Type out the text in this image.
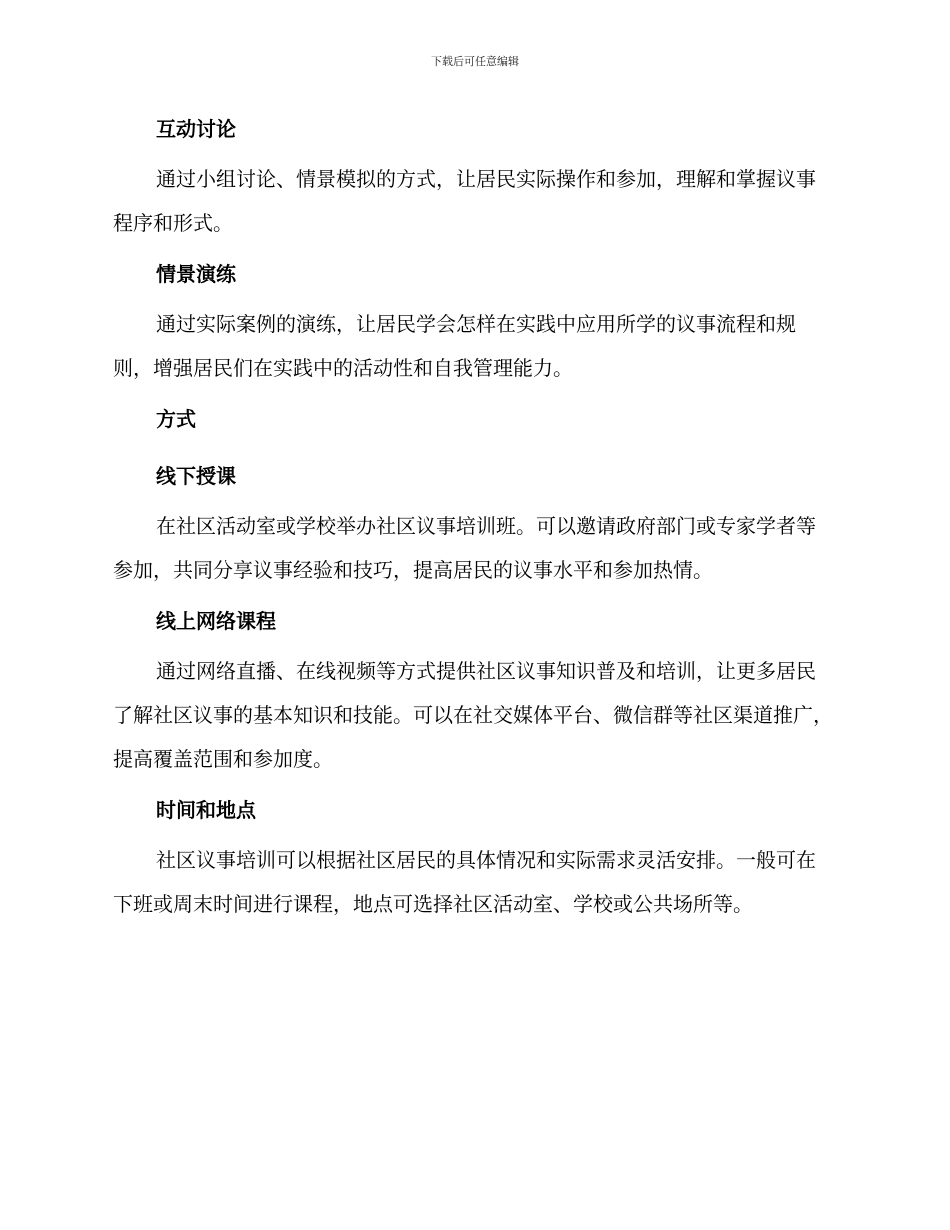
下载后可任意编辑
互动讨论
通过小组讨论、情景模拟的方式，让居民实际操作和参加，理解和掌握议事程序和形式。
情景演练
通过实际案例的演练，让居民学会怎样在实践中应用所学的议事流程和规则，增强居民们在实践中的活动性和自我管理能力。
方式
线下授课
在社区活动室或学校举办社区议事培训班。可以邀请政府部门或专家学者等参加，共同分享议事经验和技巧，提高居民的议事水平和参加热情。
线上网络课程
通过网络直播、在线视频等方式提供社区议事知识普及和培训，让更多居民了解社区议事的基本知识和技能。可以在社交媒体平台、微信群等社区渠道推广，提高覆盖范围和参加度。
时间和地点
社区议事培训可以根据社区居民的具体情况和实际需求灵活安排。一般可在下班或周末时间进行课程，地点可选择社区活动室、学校或公共场所等。
